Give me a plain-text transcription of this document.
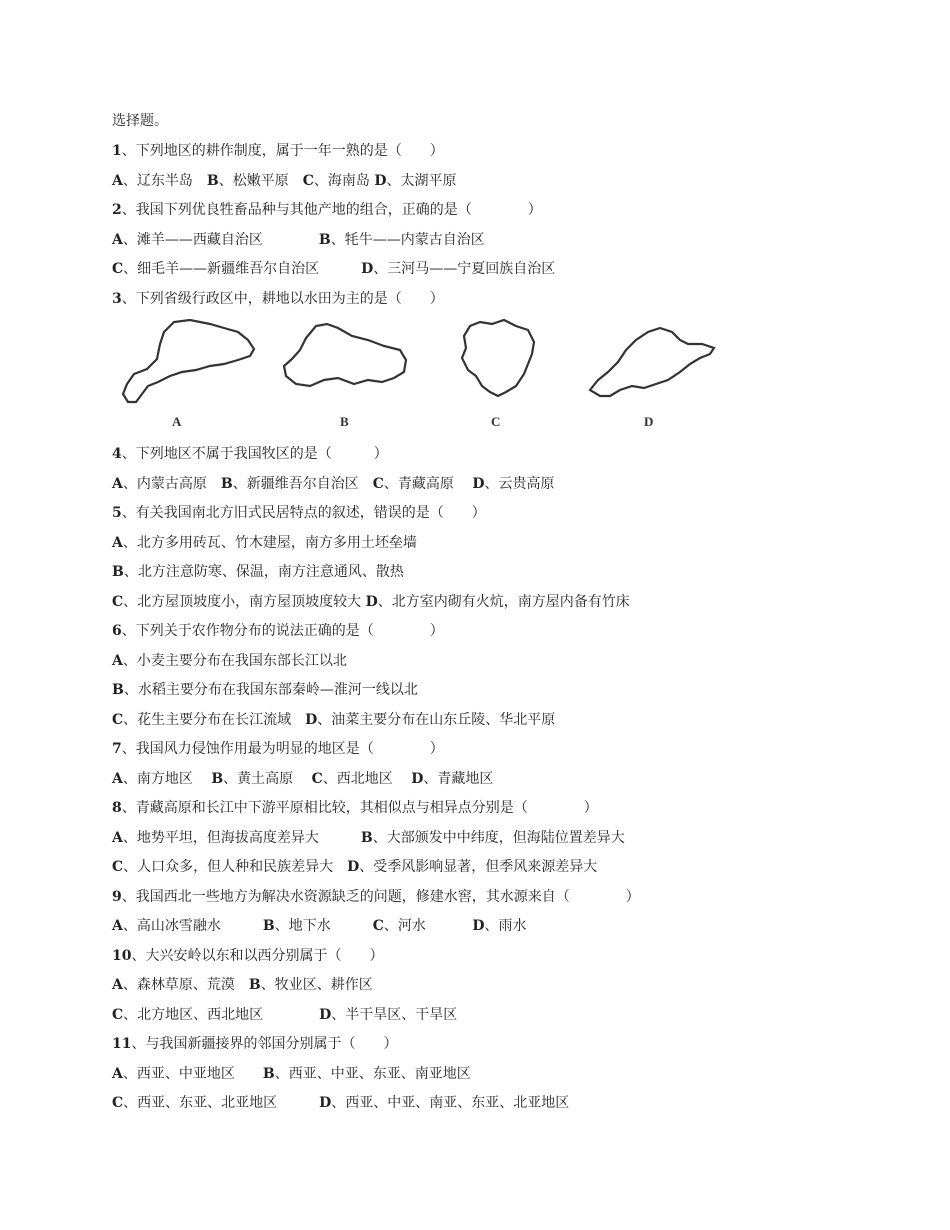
选择题。
A	B	C	D
1、下列地区的耕作制度，属于一年一熟的是（　　）
A、辽东半岛　B、松嫩平原　C、海南岛 D、太湖平原
2、我国下列优良牲畜品种与其他产地的组合，正确的是（　　　　）
A、滩羊——西藏自治区　　　　B、牦牛——内蒙古自治区
C、细毛羊——新疆维吾尔自治区　　　D、三河马——宁夏回族自治区
3、下列省级行政区中，耕地以水田为主的是（　　）
4、下列地区不属于我国牧区的是（　　　）
A、内蒙古高原　B、新疆维吾尔自治区　C、青藏高原　 D、云贵高原
5、有关我国南北方旧式民居特点的叙述，错误的是（　　）
A、北方多用砖瓦、竹木建屋，南方多用土坯垒墙
B、北方注意防寒、保温，南方注意通风、散热
C、北方屋顶坡度小，南方屋顶坡度较大 D、北方室内砌有火炕，南方屋内备有竹床
6、下列关于农作物分布的说法正确的是（　　　　）
A、小麦主要分布在我国东部长江以北
B、水稻主要分布在我国东部秦岭—淮河一线以北
C、花生主要分布在长江流域　D、油菜主要分布在山东丘陵、华北平原
7、我国风力侵蚀作用最为明显的地区是（　　　　）
A、南方地区　 B、黄土高原　 C、西北地区　 D、青藏地区
8、青藏高原和长江中下游平原相比较，其相似点与相异点分别是（　　　　）
A、地势平坦，但海拔高度差异大　　　B、大部颁发中中纬度，但海陆位置差异大
C、人口众多，但人种和民族差异大　D、受季风影响显著，但季风来源差异大
9、我国西北一些地方为解决水资源缺乏的问题，修建水窖，其水源来自（　　　　）
A、高山冰雪融水　　　B、地下水　　　C、河水　　　 D、雨水
10、大兴安岭以东和以西分别属于（　　）
A、森林草原、荒漠　B、牧业区、耕作区
C、北方地区、西北地区　　　　D、半干旱区、干旱区
11、与我国新疆接界的邻国分别属于（　　）
A、西亚、中亚地区　　B、西亚、中亚、东亚、南亚地区
C、西亚、东亚、北亚地区　　　D、西亚、中亚、南亚、东亚、北亚地区
